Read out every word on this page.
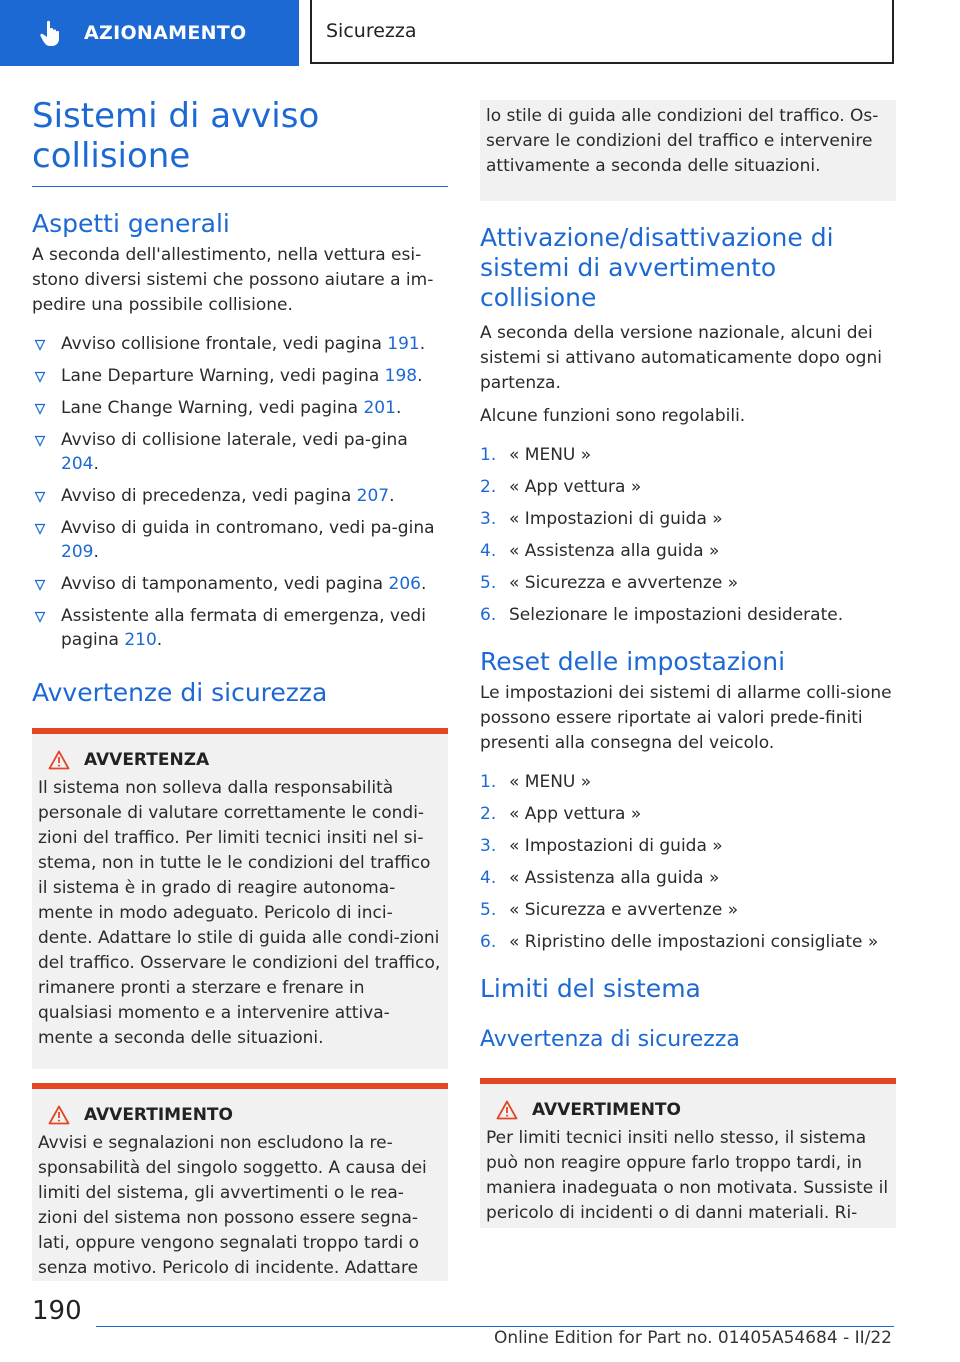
AZIONAMENTO	Sicurezza
Sistemi di avviso collisione
Aspetti generali

A seconda dell'allestimento, nella vettura esi-stono diversi sistemi che possono aiutare a im-pedire una possibile collisione.

Avviso collisione frontale, vedi pagina 191.
Lane Departure Warning, vedi pagina 198.
Lane Change Warning, vedi pagina 201.
Avviso di collisione laterale, vedi pa-gina 204.
Avviso di precedenza, vedi pagina 207.
Avviso di guida in contromano, vedi pa-gina 209.
Avviso di tamponamento, vedi pagina 206.
Assistente alla fermata di emergenza, vedi pagina 210.
Avvertenze di sicurezza
AVVERTENZA

Il sistema non solleva dalla responsabilità personale di valutare correttamente le condi-zioni del traffico. Per limiti tecnici insiti nel si-stema, non in tutte le le condizioni del traffico il sistema è in grado di reagire autonoma-mente in modo adeguato. Pericolo di inci-dente. Adattare lo stile di guida alle condi-zioni del traffico. Osservare le condizioni del traffico, rimanere pronti a sterzare e frenare in qualsiasi momento e a intervenire attiva-mente a seconda delle situazioni.

AVVERTIMENTO

Avvisi e segnalazioni non escludono la re-sponsabilità del singolo soggetto. A causa dei limiti del sistema, gli avvertimenti o le rea-zioni del sistema non possono essere segna-lati, oppure vengono segnalati troppo tardi o senza motivo. Pericolo di incidente. Adattare

lo stile di guida alle condizioni del traffico. Os-servare le condizioni del traffico e intervenire attivamente a seconda delle situazioni.

Attivazione/disattivazione di sistemi di avvertimento collisione

A seconda della versione nazionale, alcuni dei sistemi si attivano automaticamente dopo ogni partenza.

Alcune funzioni sono regolabili.

1. « MENU »
2. « App vettura »
3. « Impostazioni di guida »
4. « Assistenza alla guida »
5. « Sicurezza e avvertenze »
6. Selezionare le impostazioni desiderate.
Reset delle impostazioni

Le impostazioni dei sistemi di allarme colli-sione possono essere riportate ai valori prede-finiti presenti alla consegna del veicolo.

1. « MENU »
2. « App vettura »
3. « Impostazioni di guida »
4. « Assistenza alla guida »
5. « Sicurezza e avvertenze »
6. « Ripristino delle impostazioni consigliate »
Limiti del sistema
Avvertenza di sicurezza
AVVERTIMENTO

Per limiti tecnici insiti nello stesso, il sistema può non reagire oppure farlo troppo tardi, in maniera inadeguata o non motivata. Sussiste il pericolo di incidenti o di danni materiali. Ri-

190
Online Edition for Part no. 01405A54684 - II/22
